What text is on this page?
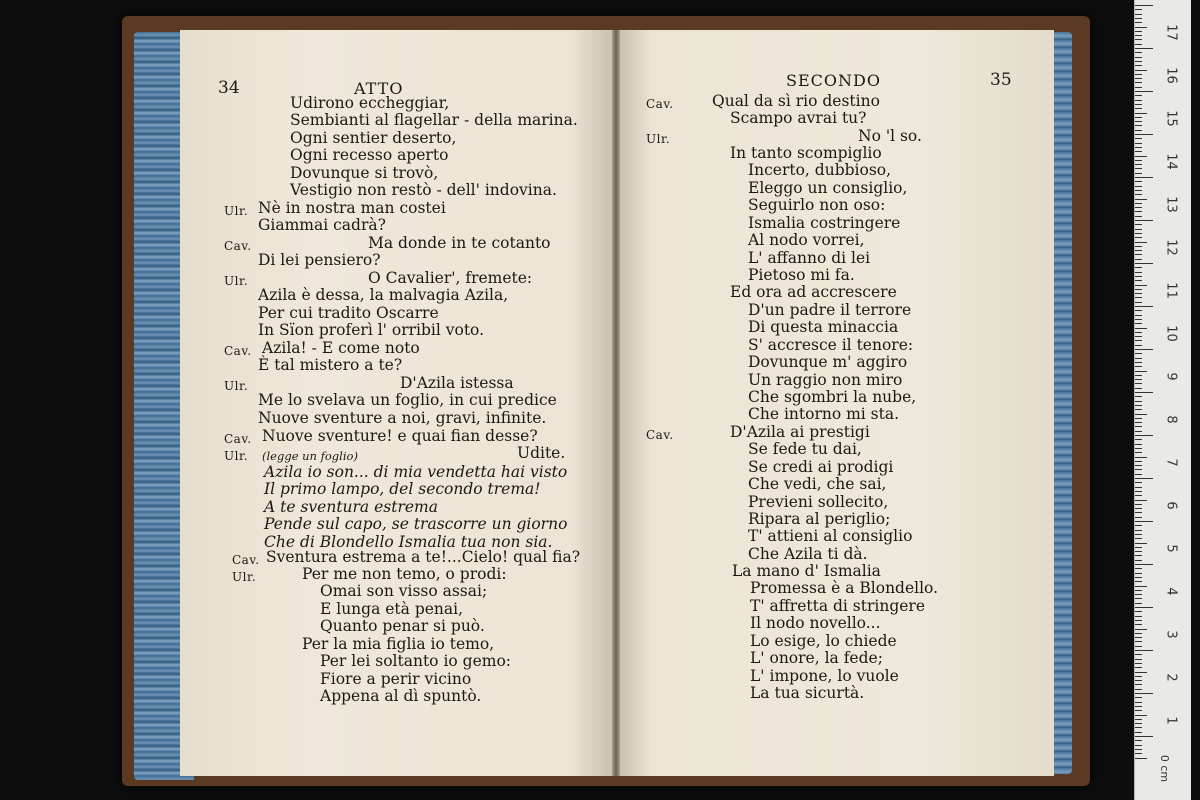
34	ATTO
Udirono eccheggiar,
Sembianti al flagellar - della marina.
Ogni sentier deserto,
Ogni recesso aperto
Dovunque si trovò,
Vestigio non restò - dell' indovina.
Ulr. Nè in nostra man costei
Giammai cadrà?
Cav.	Ma donde in te cotanto
Di lei pensiero?
Ulr.	O Cavalier', fremete:
Azila è dessa, la malvagia Azila,
Per cui tradito Oscarre
In Sïon proferì l' orribil voto.
Cav. Azila! - E come noto
È tal mistero a te?
Ulr.	D'Azila istessa
Me lo svelava un foglio, in cui predice
Nuove sventure a noi, gravi, infinite.
Cav. Nuove sventure! e quai fian desse?
Udite.
Ulr. (legge un foglio)
Azila io son... di mia vendetta hai visto
Il primo lampo, del secondo trema!
A te sventura estrema
Pende sul capo, se trascorre un giorno
Che di Blondello Ismalia tua non sia.
Cav. Sventura estrema a te!...Cielo! qual fia?
Ulr.	Per me non temo, o prodi:
Omai son visso assai;
E lunga età penai,
Quanto penar si può.
Per la mia figlia io temo,
Per lei soltanto io gemo:
Fiore a perir vicino
Appena al dì spuntò.
SECONDO	35
Cav. Qual da sì rio destino
Scampo avrai tu?
Ulr.	No 'l so.
In tanto scompiglio
Incerto, dubbioso,
Eleggo un consiglio,
Seguirlo non oso:
Ismalia costringere
Al nodo vorrei,
L' affanno di lei
Pietoso mi fa.
Ed ora ad accrescere
D'un padre il terrore
Di questa minaccia
S' accresce il tenore:
Dovunque m' aggiro
Un raggio non miro
Che sgombri la nube,
Che intorno mi sta.
Cav.	D'Azila ai prestigi
Se fede tu dai,
Se credi ai prodigi
Che vedi, che sai,
Previeni sollecito,
Ripara al periglio;
T' attieni al consiglio
Che Azila ti dà.
La mano d' Ismalia
Promessa è a Blondello.
T' affretta di stringere
Il nodo novello...
Lo esige, lo chiede
L' onore, la fede;
L' impone, lo vuole
La tua sicurtà.
17
16
15
14
13
12
11
10
9
8
7
6
5
4
3
2
1
0 cm
